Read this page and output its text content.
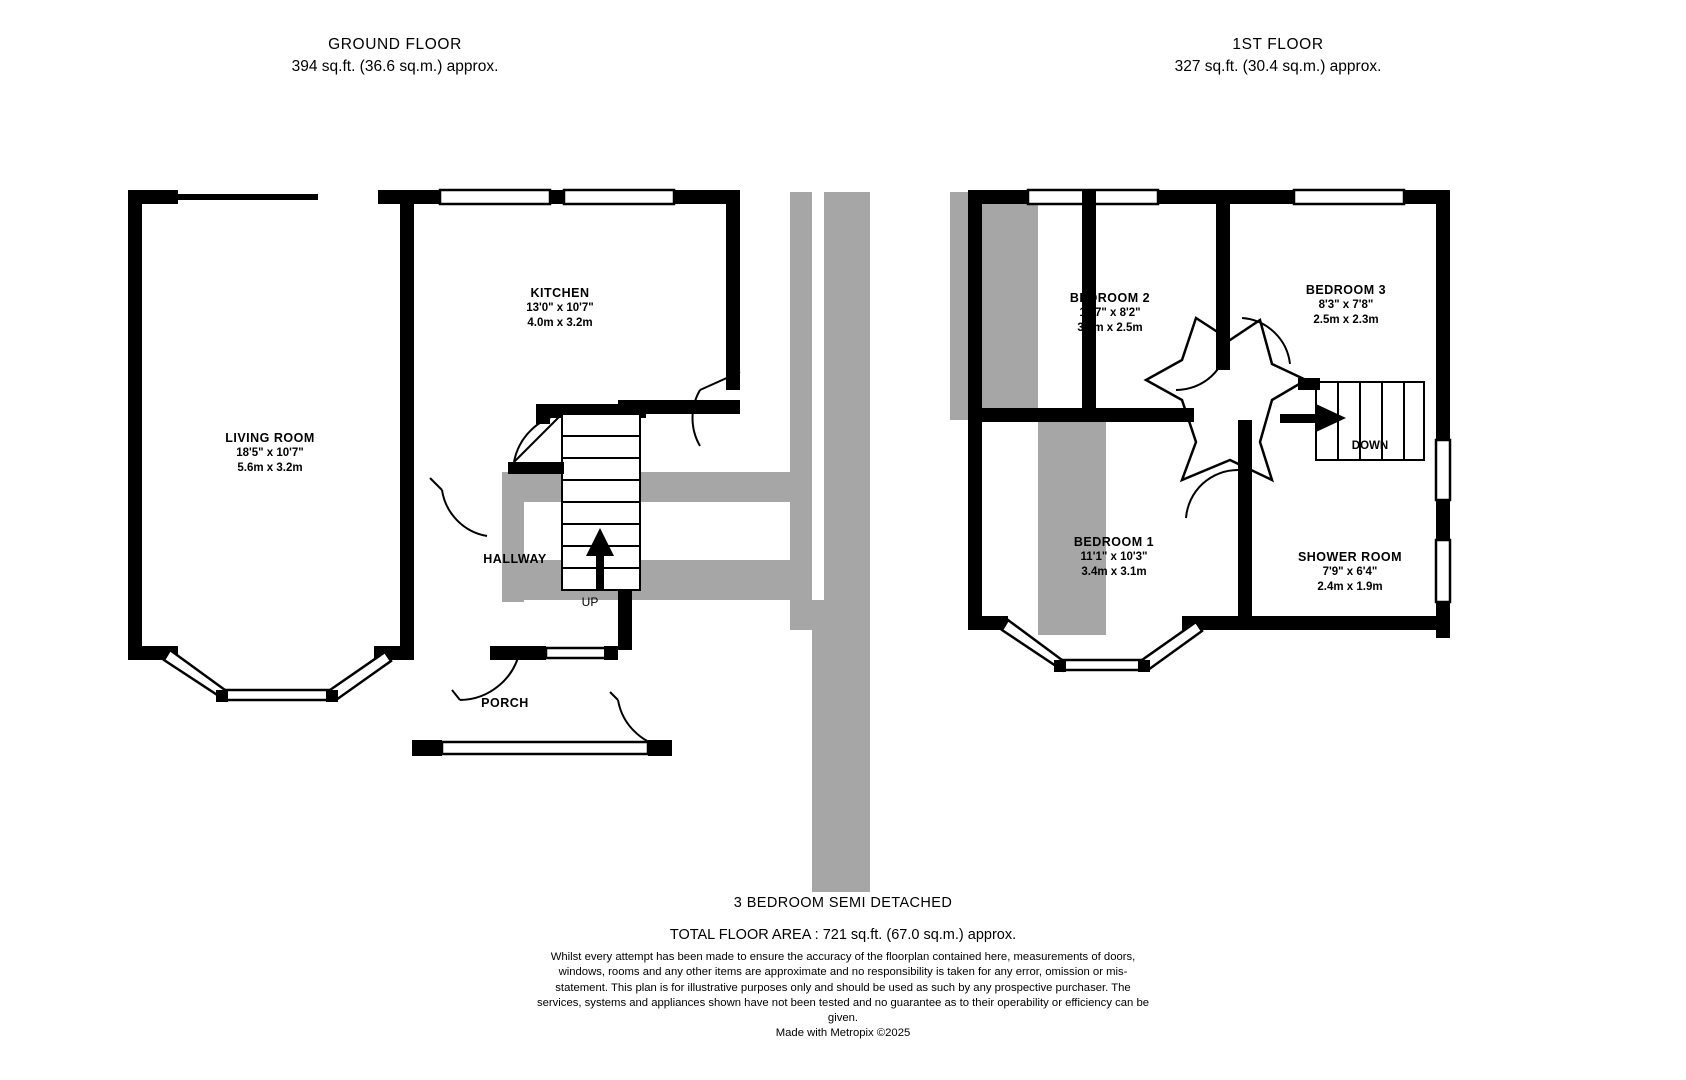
GROUND FLOOR
394 sq.ft. (36.6 sq.m.) approx.
1ST FLOOR
327 sq.ft. (30.4 sq.m.) approx.
LIVING ROOM
18'5" x 10'7"
5.6m x 3.2m
KITCHEN
13'0" x 10'7"
4.0m x 3.2m
HALLWAY
PORCH
UP
BEDROOM 2
10'7" x 8'2"
3.2m x 2.5m
BEDROOM 3
8'3" x 7'8"
2.5m x 2.3m
BEDROOM 1
11'1" x 10'3"
3.4m x 3.1m
SHOWER ROOM
7'9" x 6'4"
2.4m x 1.9m
DOWN
3 BEDROOM SEMI DETACHED
TOTAL FLOOR AREA : 721 sq.ft. (67.0 sq.m.) approx.
Whilst every attempt has been made to ensure the accuracy of the floorplan contained here, measurements of doors, windows, rooms and any other items are approximate and no responsibility is taken for any error, omission or mis-statement. This plan is for illustrative purposes only and should be used as such by any prospective purchaser. The services, systems and appliances shown have not been tested and no guarantee as to their operability or efficiency can be given.
Made with Metropix ©2025
